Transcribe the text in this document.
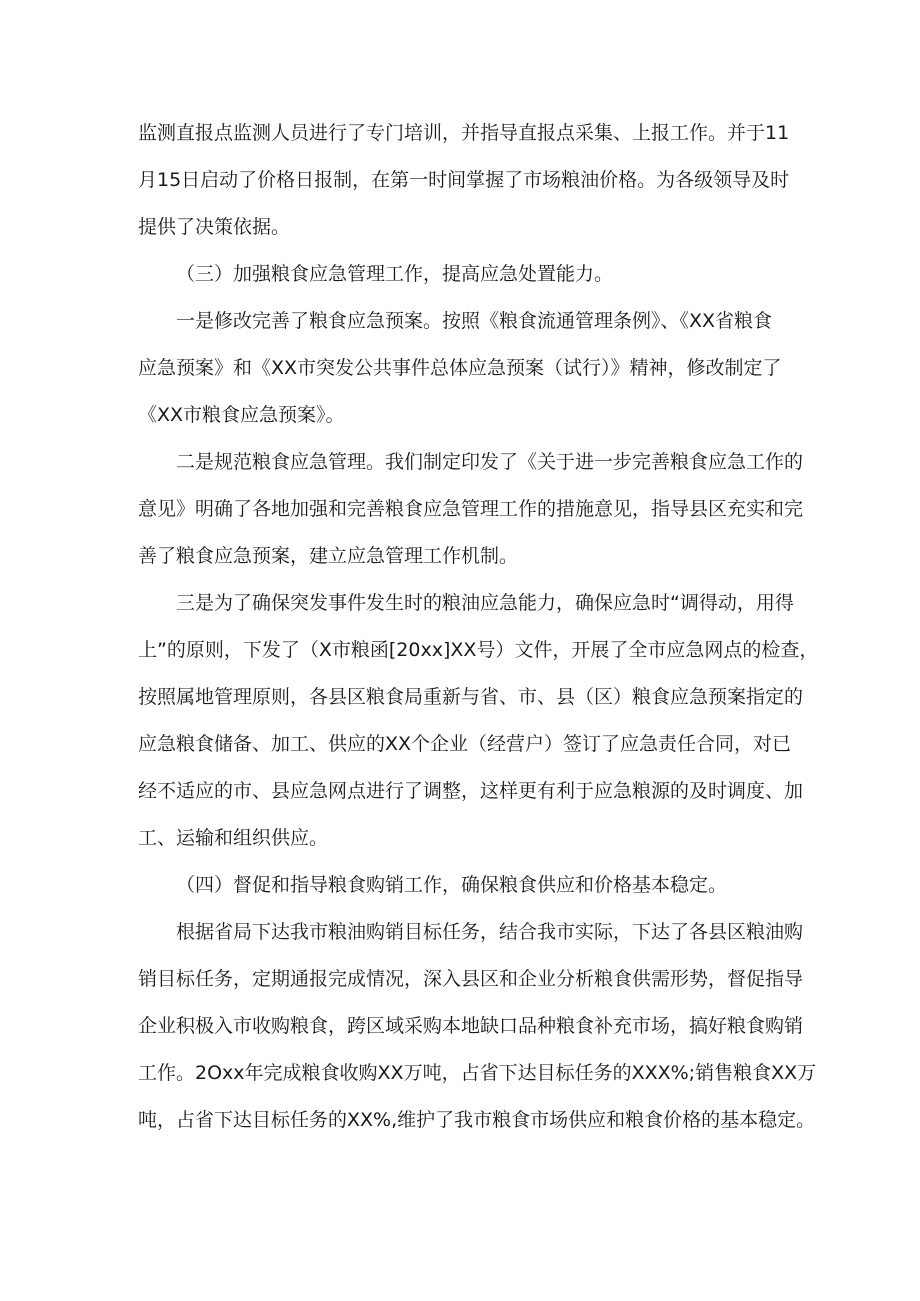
监测直报点监测人员进行了专门培训，并指导直报点采集、上报工作。并于11
月15日启动了价格日报制，在第一时间掌握了市场粮油价格。为各级领导及时
提供了决策依据。
（三）加强粮食应急管理工作，提高应急处置能力。
一是修改完善了粮食应急预案。按照《粮食流通管理条例》、《XX省粮食
应急预案》和《XX市突发公共事件总体应急预案（试行）》精神，修改制定了
《XX市粮食应急预案》。
二是规范粮食应急管理。我们制定印发了《关于进一步完善粮食应急工作的
意见》明确了各地加强和完善粮食应急管理工作的措施意见，指导县区充实和完
善了粮食应急预案，建立应急管理工作机制。
三是为了确保突发事件发生时的粮油应急能力，确保应急时“调得动，用得
上”的原则，下发了（X市粮函[20xx]XX号）文件，开展了全市应急网点的检查，
按照属地管理原则，各县区粮食局重新与省、市、县（区）粮食应急预案指定的
应急粮食储备、加工、供应的XX个企业（经营户）签订了应急责任合同，对已
经不适应的市、县应急网点进行了调整，这样更有利于应急粮源的及时调度、加
工、运输和组织供应。
（四）督促和指导粮食购销工作，确保粮食供应和价格基本稳定。
根据省局下达我市粮油购销目标任务，结合我市实际，下达了各县区粮油购
销目标任务，定期通报完成情况，深入县区和企业分析粮食供需形势，督促指导
企业积极入市收购粮食，跨区域采购本地缺口品种粮食补充市场，搞好粮食购销
工作。2Oxx年完成粮食收购XX万吨，占省下达目标任务的XXX%;销售粮食XX万
吨，占省下达目标任务的XX%,维护了我市粮食市场供应和粮食价格的基本稳定。
